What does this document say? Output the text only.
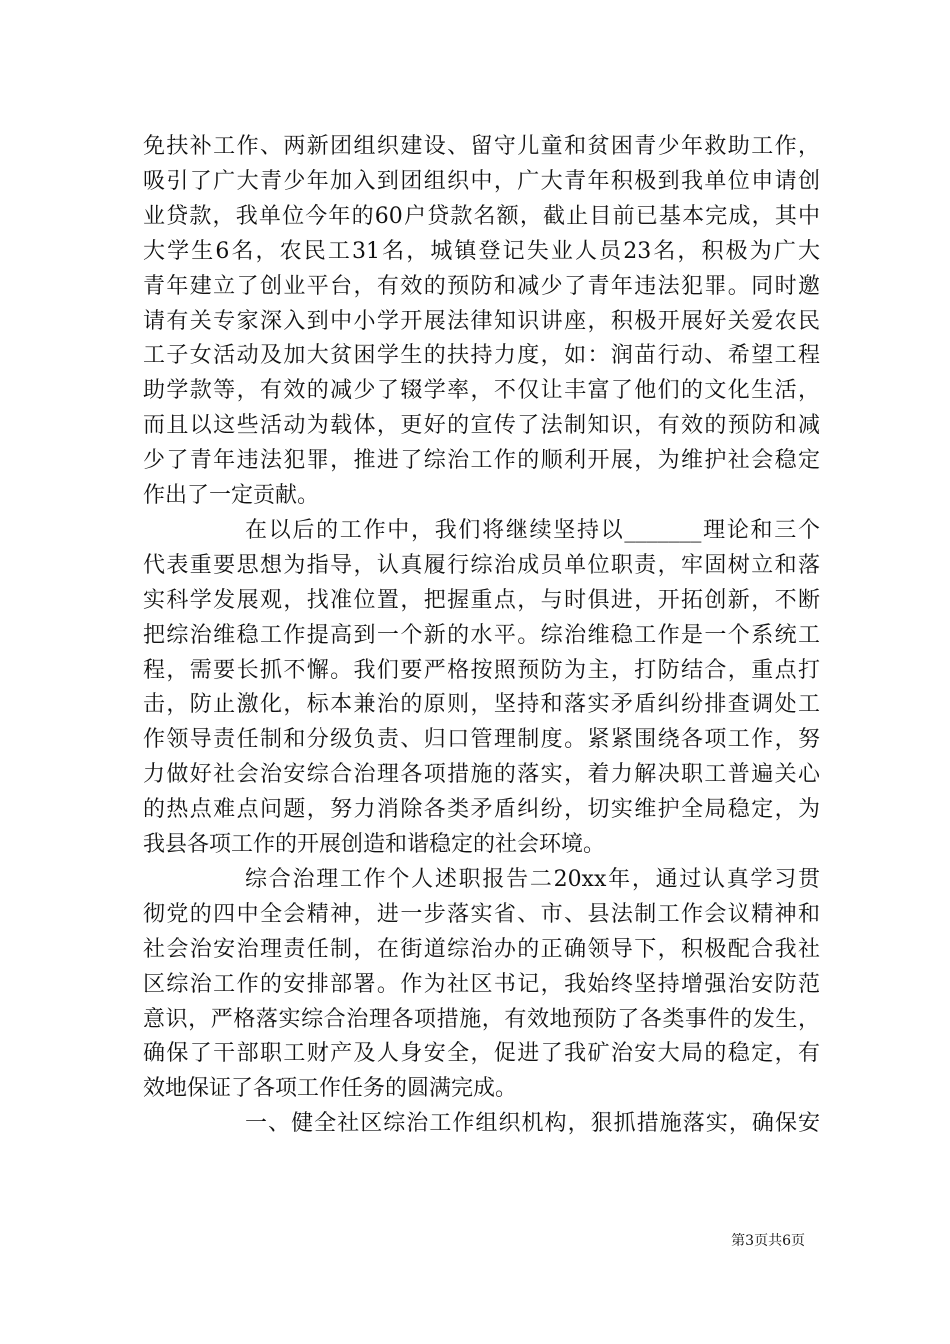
免扶补工作、两新团组织建设、留守儿童和贫困青少年救助工作，
吸引了广大青少年加入到团组织中，广大青年积极到我单位申请创
业贷款，我单位今年的60户贷款名额，截止目前已基本完成，其中
大学生6名，农民工31名，城镇登记失业人员23名，积极为广大
青年建立了创业平台，有效的预防和减少了青年违法犯罪。同时邀
请有关专家深入到中小学开展法律知识讲座，积极开展好关爱农民
工子女活动及加大贫困学生的扶持力度，如：润苗行动、希望工程
助学款等，有效的减少了辍学率，不仅让丰富了他们的文化生活，
而且以这些活动为载体，更好的宣传了法制知识，有效的预防和减
少了青年违法犯罪，推进了综治工作的顺利开展，为维护社会稳定
作出了一定贡献。
在以后的工作中，我们将继续坚持以_______理论和三个
代表重要思想为指导，认真履行综治成员单位职责，牢固树立和落
实科学发展观，找准位置，把握重点，与时俱进，开拓创新，不断
把综治维稳工作提高到一个新的水平。综治维稳工作是一个系统工
程，需要长抓不懈。我们要严格按照预防为主，打防结合，重点打
击，防止激化，标本兼治的原则，坚持和落实矛盾纠纷排查调处工
作领导责任制和分级负责、归口管理制度。紧紧围绕各项工作，努
力做好社会治安综合治理各项措施的落实，着力解决职工普遍关心
的热点难点问题，努力消除各类矛盾纠纷，切实维护全局稳定，为
我县各项工作的开展创造和谐稳定的社会环境。
综合治理工作个人述职报告二20xx年，通过认真学习贯
彻党的四中全会精神，进一步落实省、市、县法制工作会议精神和
社会治安治理责任制，在街道综治办的正确领导下，积极配合我社
区综治工作的安排部署。作为社区书记，我始终坚持增强治安防范
意识，严格落实综合治理各项措施，有效地预防了各类事件的发生，
确保了干部职工财产及人身安全，促进了我矿治安大局的稳定，有
效地保证了各项工作任务的圆满完成。
一、健全社区综治工作组织机构，狠抓措施落实，确保安
第3页共6页
